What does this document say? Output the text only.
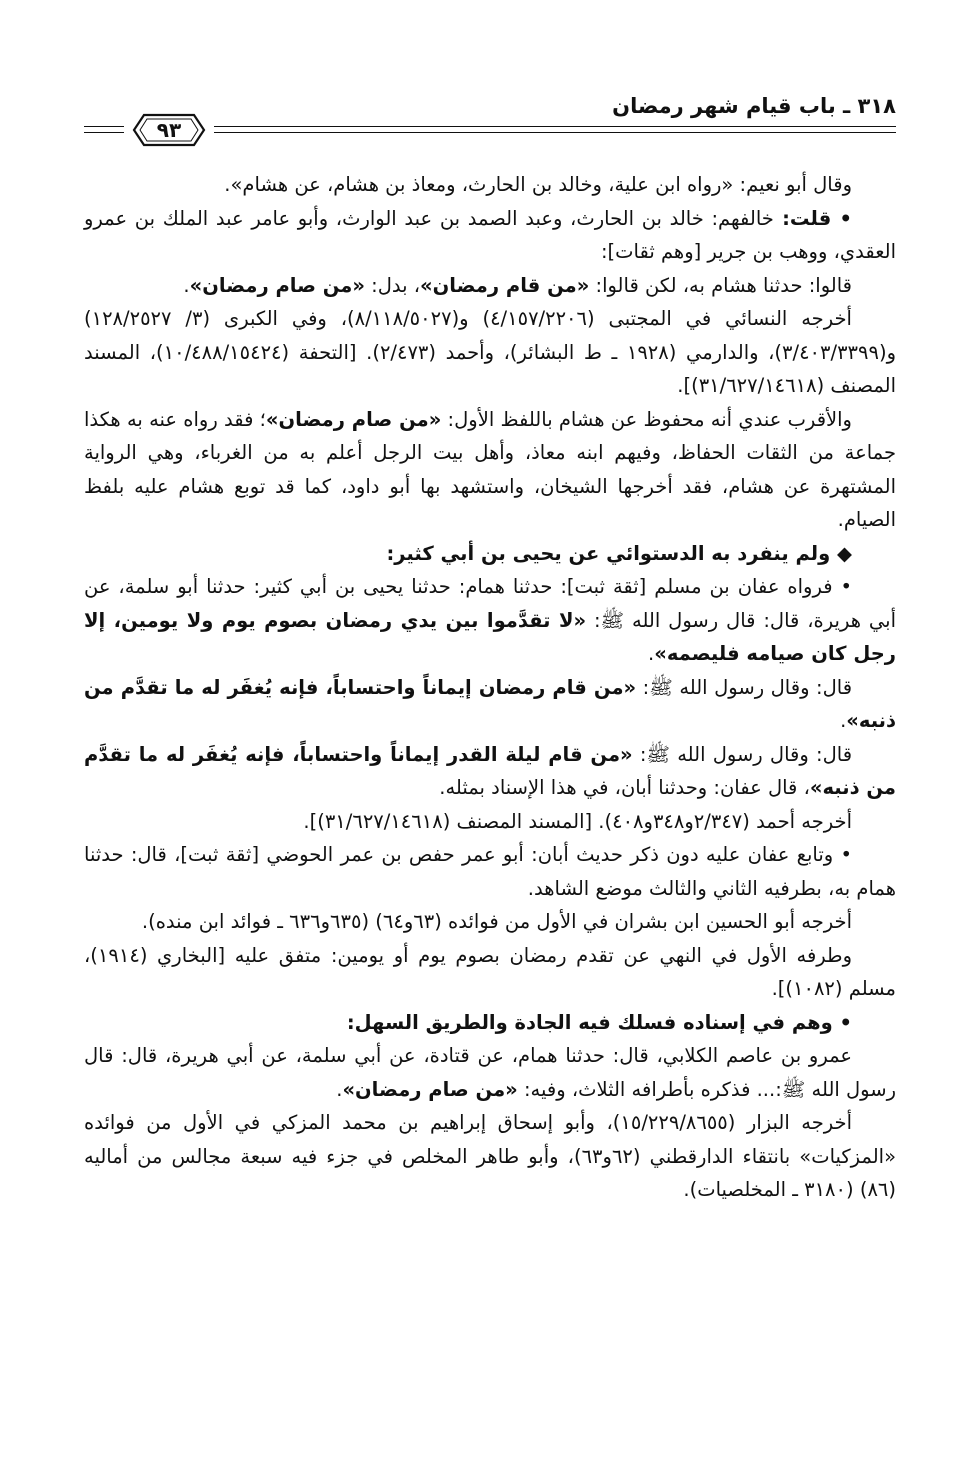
٣١٨ ـ باب قيام شهر رمضان
٩٣

وقال أبو نعيم: «رواه ابن علية، وخالد بن الحارث، ومعاذ بن هشام، عن هشام».

• قلت: خالفهم: خالد بن الحارث، وعبد الصمد بن عبد الوارث، وأبو عامر عبد الملك بن عمرو العقدي، ووهب بن جرير [وهم ثقات]:

قالوا: حدثنا هشام به، لكن قالوا: «من قام رمضان»، بدل: «من صام رمضان».

أخرجه النسائي في المجتبى (٤/١٥٧/٢٢٠٦) و(٨/١١٨/٥٠٢٧)، وفي الكبرى (٣/ ١٢٨/٢٥٢٧) و(٣/٤٠٣/٣٣٩٩)، والدارمي (١٩٢٨ ـ ط البشائر)، وأحمد (٢/٤٧٣). [التحفة (١٠/٤٨٨/١٥٤٢٤)، المسند المصنف (٣١/٦٢٧/١٤٦١٨)].

والأقرب عندي أنه محفوظ عن هشام باللفظ الأول: «من صام رمضان»؛ فقد رواه عنه به هكذا جماعة من الثقات الحفاظ، وفيهم ابنه معاذ، وأهل بيت الرجل أعلم به من الغرباء، وهي الرواية المشتهرة عن هشام، فقد أخرجها الشيخان، واستشهد بها أبو داود، كما قد توبع هشام عليه بلفظ الصيام.

◆ ولم ينفرد به الدستوائي عن يحيى بن أبي كثير:

• فرواه عفان بن مسلم [ثقة ثبت]: حدثنا همام: حدثنا يحيى بن أبي كثير: حدثنا أبو سلمة، عن أبي هريرة، قال: قال رسول الله ﷺ: «لا تقدَّموا بين يدي رمضان بصوم يوم ولا يومين، إلا رجل كان صيامه فليصمه».

قال: وقال رسول الله ﷺ: «من قام رمضان إيماناً واحتساباً، فإنه يُغفَر له ما تقدَّم من ذنبه».

قال: وقال رسول الله ﷺ: «من قام ليلة القدر إيماناً واحتساباً، فإنه يُغفَر له ما تقدَّم من ذنبه»، قال عفان: وحدثنا أبان، في هذا الإسناد بمثله.

أخرجه أحمد (٢/٣٤٧و٣٤٨و٤٠٨). [المسند المصنف (٣١/٦٢٧/١٤٦١٨)].

• وتابع عفان عليه دون ذكر حديث أبان: أبو عمر حفص بن عمر الحوضي [ثقة ثبت]، قال: حدثنا همام به، بطرفيه الثاني والثالث موضع الشاهد.

أخرجه أبو الحسين ابن بشران في الأول من فوائده (٦٣و٦٤) (٦٣٥و٦٣٦ ـ فوائد ابن منده).

وطرفه الأول في النهي عن تقدم رمضان بصوم يوم أو يومين: متفق عليه [البخاري (١٩١٤)، مسلم (١٠٨٢)].

• وهم في إسناده فسلك فيه الجادة والطريق السهل:

عمرو بن عاصم الكلابي، قال: حدثنا همام، عن قتادة، عن أبي سلمة، عن أبي هريرة، قال: قال رسول الله ﷺ:... فذكره بأطرافه الثلاث، وفيه: «من صام رمضان».

أخرجه البزار (١٥/٢٢٩/٨٦٥٥)، وأبو إسحاق إبراهيم بن محمد المزكي في الأول من فوائده «المزكيات» بانتقاء الدارقطني (٦٢و٦٣)، وأبو طاهر المخلص في جزء فيه سبعة مجالس من أماليه (٨٦) (٣١٨٠ ـ المخلصيات).
